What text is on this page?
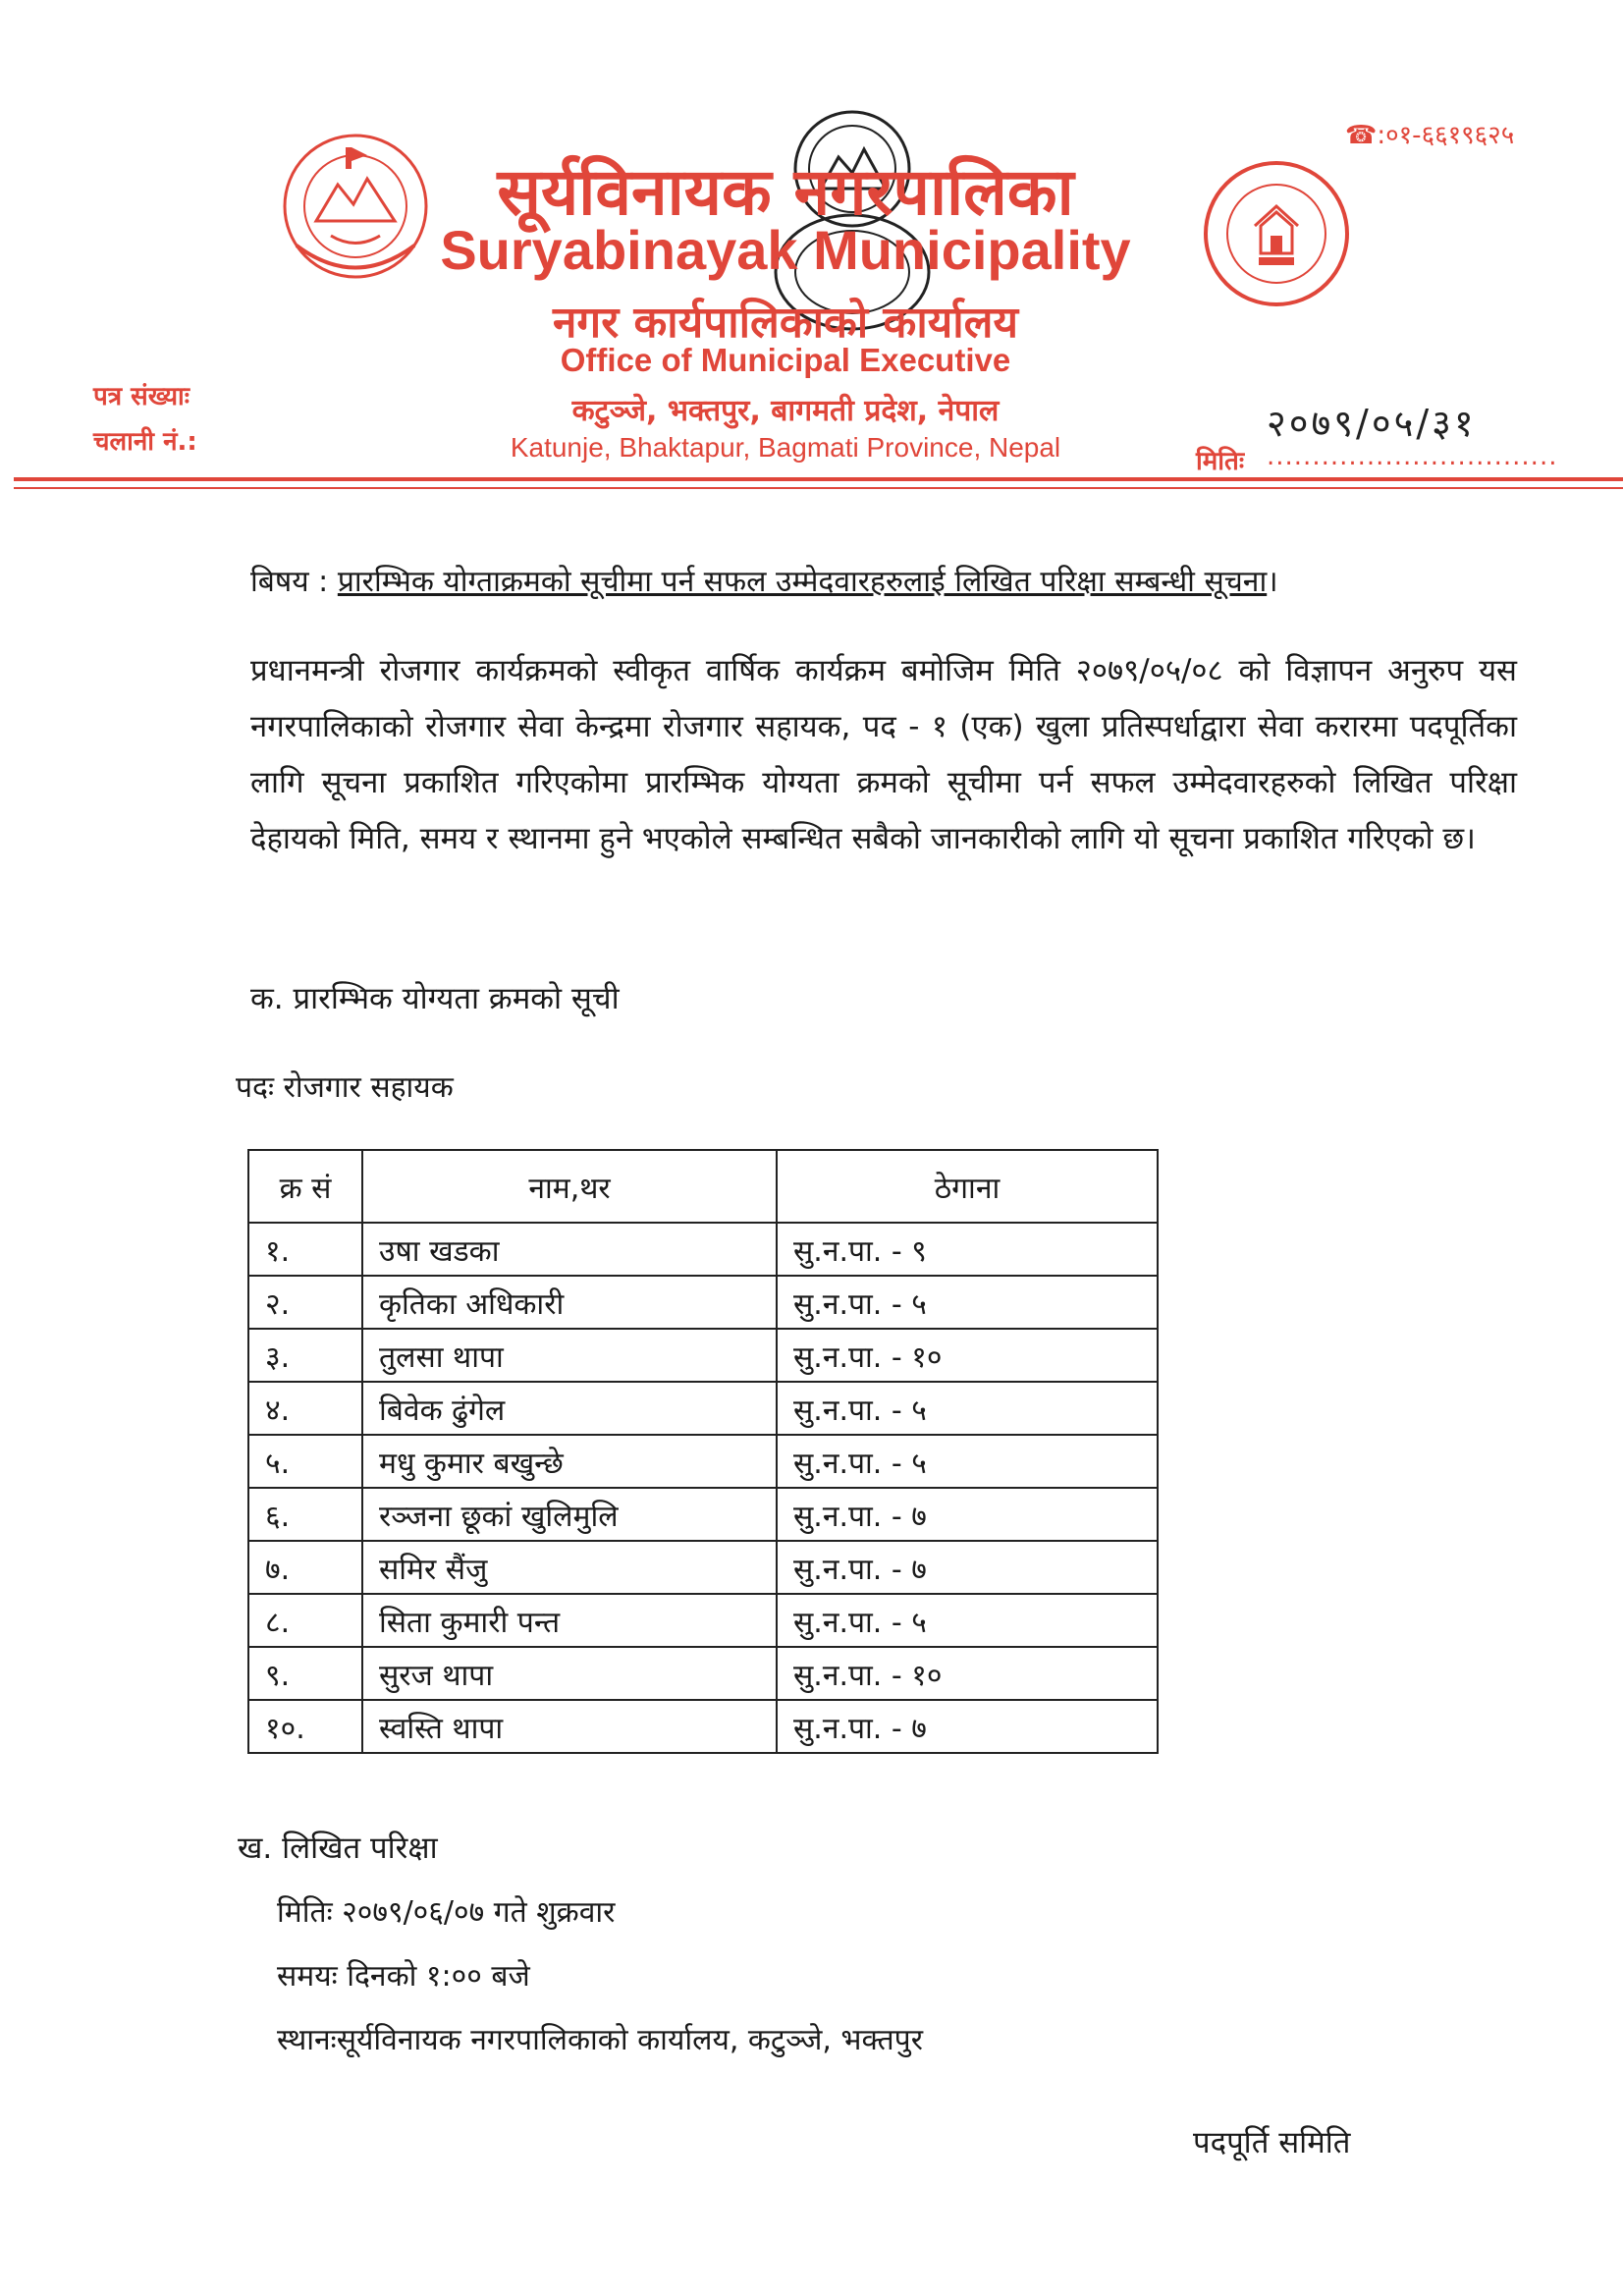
☎:०१-६६१९६२५
सूर्यविनायक नगरपालिका
Suryabinayak Municipality
नगर कार्यपालिकाको कार्यालय
Office of Municipal Executive
कटुञ्जे, भक्तपुर, बागमती प्रदेश, नेपाल
Katunje, Bhaktapur, Bagmati Province, Nepal
पत्र संख्याः
चलानी नं.:	२०७९/०५/३१
मितिः ................................
बिषय : प्रारम्भिक योग्ताक्रमको सूचीमा पर्न सफल उम्मेदवारहरुलाई लिखित परिक्षा सम्बन्धी सूचना।
प्रधानमन्त्री रोजगार कार्यक्रमको स्वीकृत वार्षिक कार्यक्रम बमोजिम मिति २०७९/०५/०८ को विज्ञापन अनुरुप यस नगरपालिकाको रोजगार सेवा केन्द्रमा रोजगार सहायक, पद - १ (एक) खुला प्रतिस्पर्धाद्वारा सेवा करारमा पदपूर्तिका लागि सूचना प्रकाशित गरिएकोमा प्रारम्भिक योग्यता क्रमको सूचीमा पर्न सफल उम्मेदवारहरुको लिखित परिक्षा देहायको मिति, समय र स्थानमा हुने भएकोले सम्बन्धित सबैको जानकारीको लागि यो सूचना प्रकाशित गरिएको छ।
क. प्रारम्भिक योग्यता क्रमको सूची
पदः रोजगार सहायक
क्र सं	नाम,थर	ठेगाना
१.	उषा खडका	सु.न.पा. - ९
२.	कृतिका अधिकारी	सु.न.पा. - ५
३.	तुलसा थापा	सु.न.पा. - १०
४.	बिवेक ढुंगेल	सु.न.पा. - ५
५.	मधु कुमार बखुन्छे	सु.न.पा. - ५
६.	रञ्जना छूकां खुलिमुलि	सु.न.पा. - ७
७.	समिर सैंजु	सु.न.पा. - ७
८.	सिता कुमारी पन्त	सु.न.पा. - ५
९.	सुरज थापा	सु.न.पा. - १०
१०.	स्वस्ति थापा	सु.न.पा. - ७
ख. लिखित परिक्षा
मितिः २०७९/०६/०७ गते शुक्रवार
समयः दिनको १:०० बजे
स्थानःसूर्यविनायक नगरपालिकाको कार्यालय, कटुञ्जे, भक्तपुर
पदपूर्ति समिति
